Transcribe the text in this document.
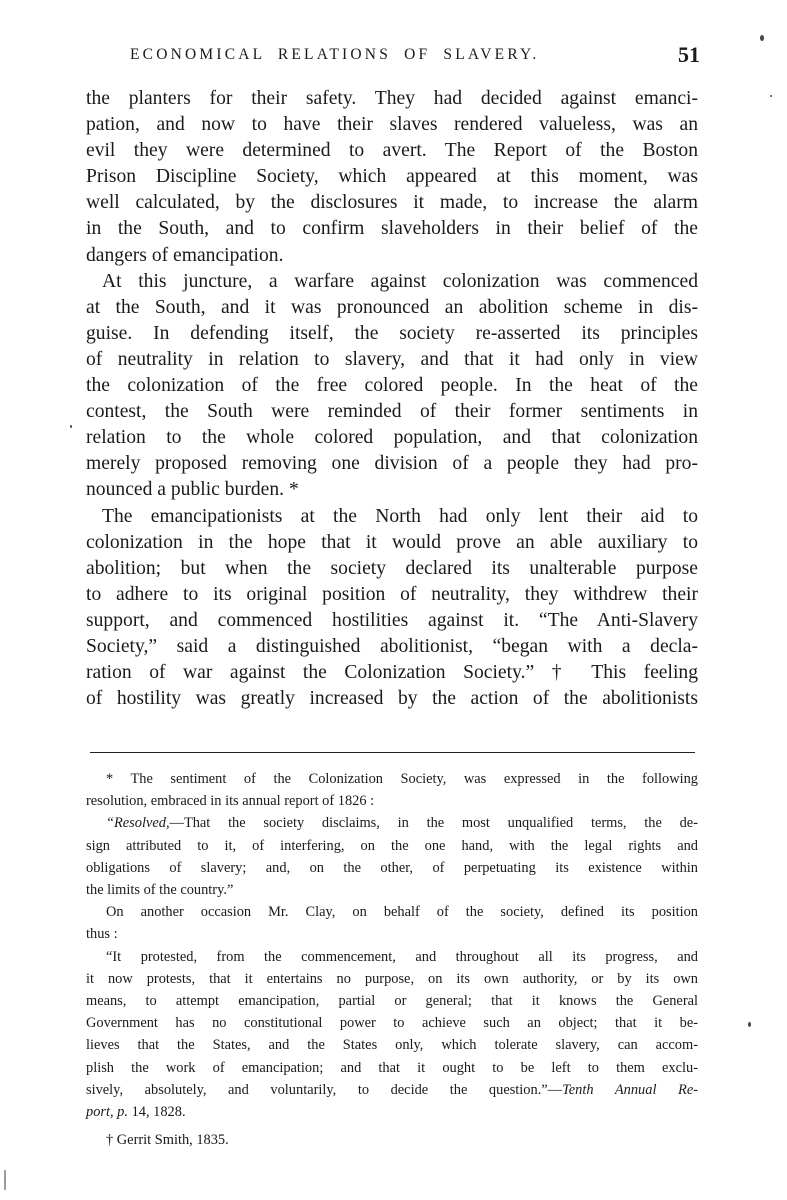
ECONOMICAL RELATIONS OF SLAVERY.	51

the planters for their safety. They had decided against emanci-
pation, and now to have their slaves rendered valueless, was an
evil they were determined to avert. The Report of the Boston
Prison Discipline Society, which appeared at this moment, was
well calculated, by the disclosures it made, to increase the alarm
in the South, and to confirm slaveholders in their belief of the
dangers of emancipation.

At this juncture, a warfare against colonization was commenced
at the South, and it was pronounced an abolition scheme in dis-
guise. In defending itself, the society re-asserted its principles
of neutrality in relation to slavery, and that it had only in view
the colonization of the free colored people. In the heat of the
contest, the South were reminded of their former sentiments in
relation to the whole colored population, and that colonization
merely proposed removing one division of a people they had pro-
nounced a public burden. *

The emancipationists at the North had only lent their aid to
colonization in the hope that it would prove an able auxiliary to
abolition; but when the society declared its unalterable purpose
to adhere to its original position of neutrality, they withdrew their
support, and commenced hostilities against it. “The Anti-Slavery
Society,” said a distinguished abolitionist, “began with a decla-
ration of war against the Colonization Society.” † This feeling
of hostility was greatly increased by the action of the abolitionists

* The sentiment of the Colonization Society, was expressed in the following
resolution, embraced in its annual report of 1826 :

“Resolved,—That the society disclaims, in the most unqualified terms, the de-
sign attributed to it, of interfering, on the one hand, with the legal rights and
obligations of slavery; and, on the other, of perpetuating its existence within
the limits of the country.”

On another occasion Mr. Clay, on behalf of the society, defined its position
thus :

“It protested, from the commencement, and throughout all its progress, and
it now protests, that it entertains no purpose, on its own authority, or by its own
means, to attempt emancipation, partial or general; that it knows the General
Government has no constitutional power to achieve such an object; that it be-
lieves that the States, and the States only, which tolerate slavery, can accom-
plish the work of emancipation; and that it ought to be left to them exclu-
sively, absolutely, and voluntarily, to decide the question.”—Tenth Annual Re-
port, p. 14, 1828.

† Gerrit Smith, 1835.
